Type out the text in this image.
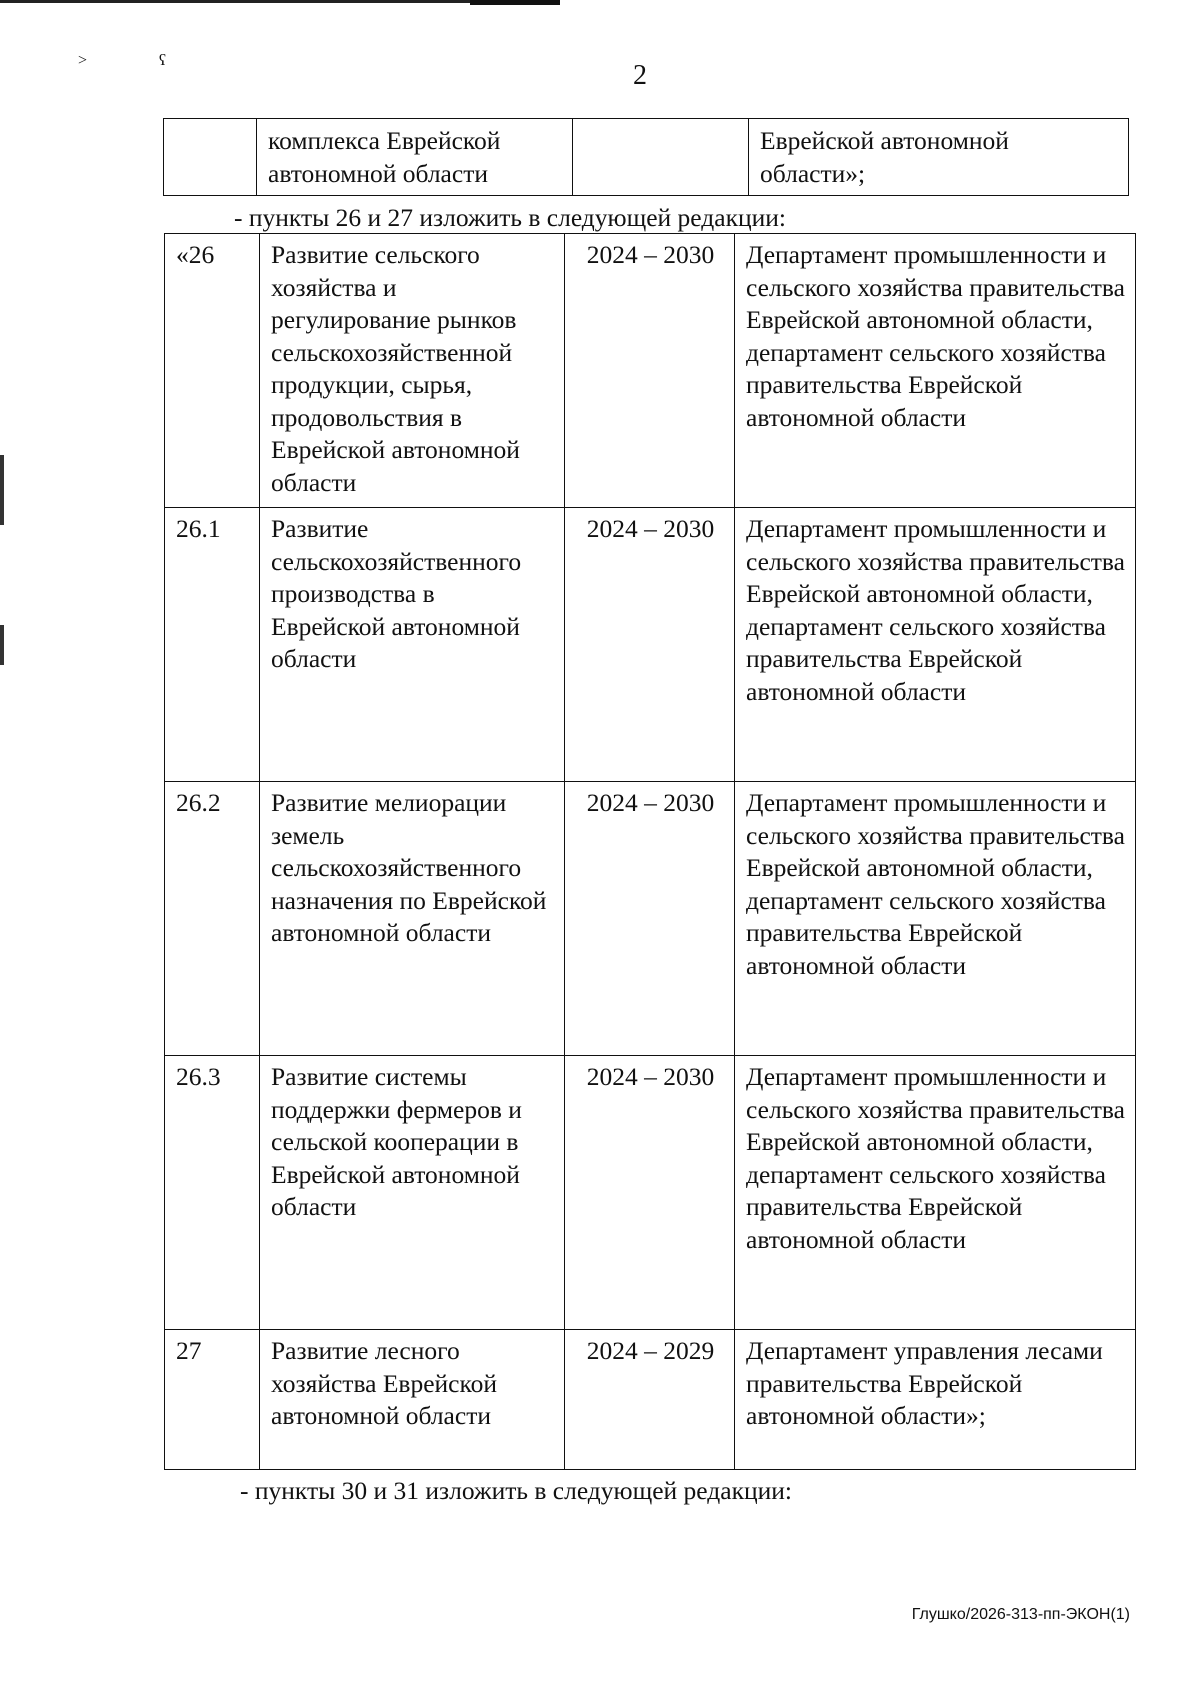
> ʕ	2
	комплекса Еврейской автономной области		Еврейской автономной области»;
- пункты 26 и 27 изложить в следующей редакции:
«26	Развитие сельского хозяйства и регулирование рынков сельскохозяйственной продукции, сырья, продовольствия в Еврейской автономной области	2024 – 2030	Департамент промышленности и сельского хозяйства правительства Еврейской автономной области, департамент сельского хозяйства правительства Еврейской автономной области
26.1	Развитие сельскохозяйственного производства в Еврейской автономной области	2024 – 2030	Департамент промышленности и сельского хозяйства правительства Еврейской автономной области, департамент сельского хозяйства правительства Еврейской автономной области
26.2	Развитие мелиорации земель сельскохозяйственного назначения по Еврейской автономной области	2024 – 2030	Департамент промышленности и сельского хозяйства правительства Еврейской автономной области, департамент сельского хозяйства правительства Еврейской автономной области
26.3	Развитие системы поддержки фермеров и сельской кооперации в Еврейской автономной области	2024 – 2030	Департамент промышленности и сельского хозяйства правительства Еврейской автономной области, департамент сельского хозяйства правительства Еврейской автономной области
27	Развитие лесного хозяйства Еврейской автономной области	2024 – 2029	Департамент управления лесами правительства Еврейской автономной области»;
- пункты 30 и 31 изложить в следующей редакции:
Глушко/2026-313-пп-ЭКОН(1)
